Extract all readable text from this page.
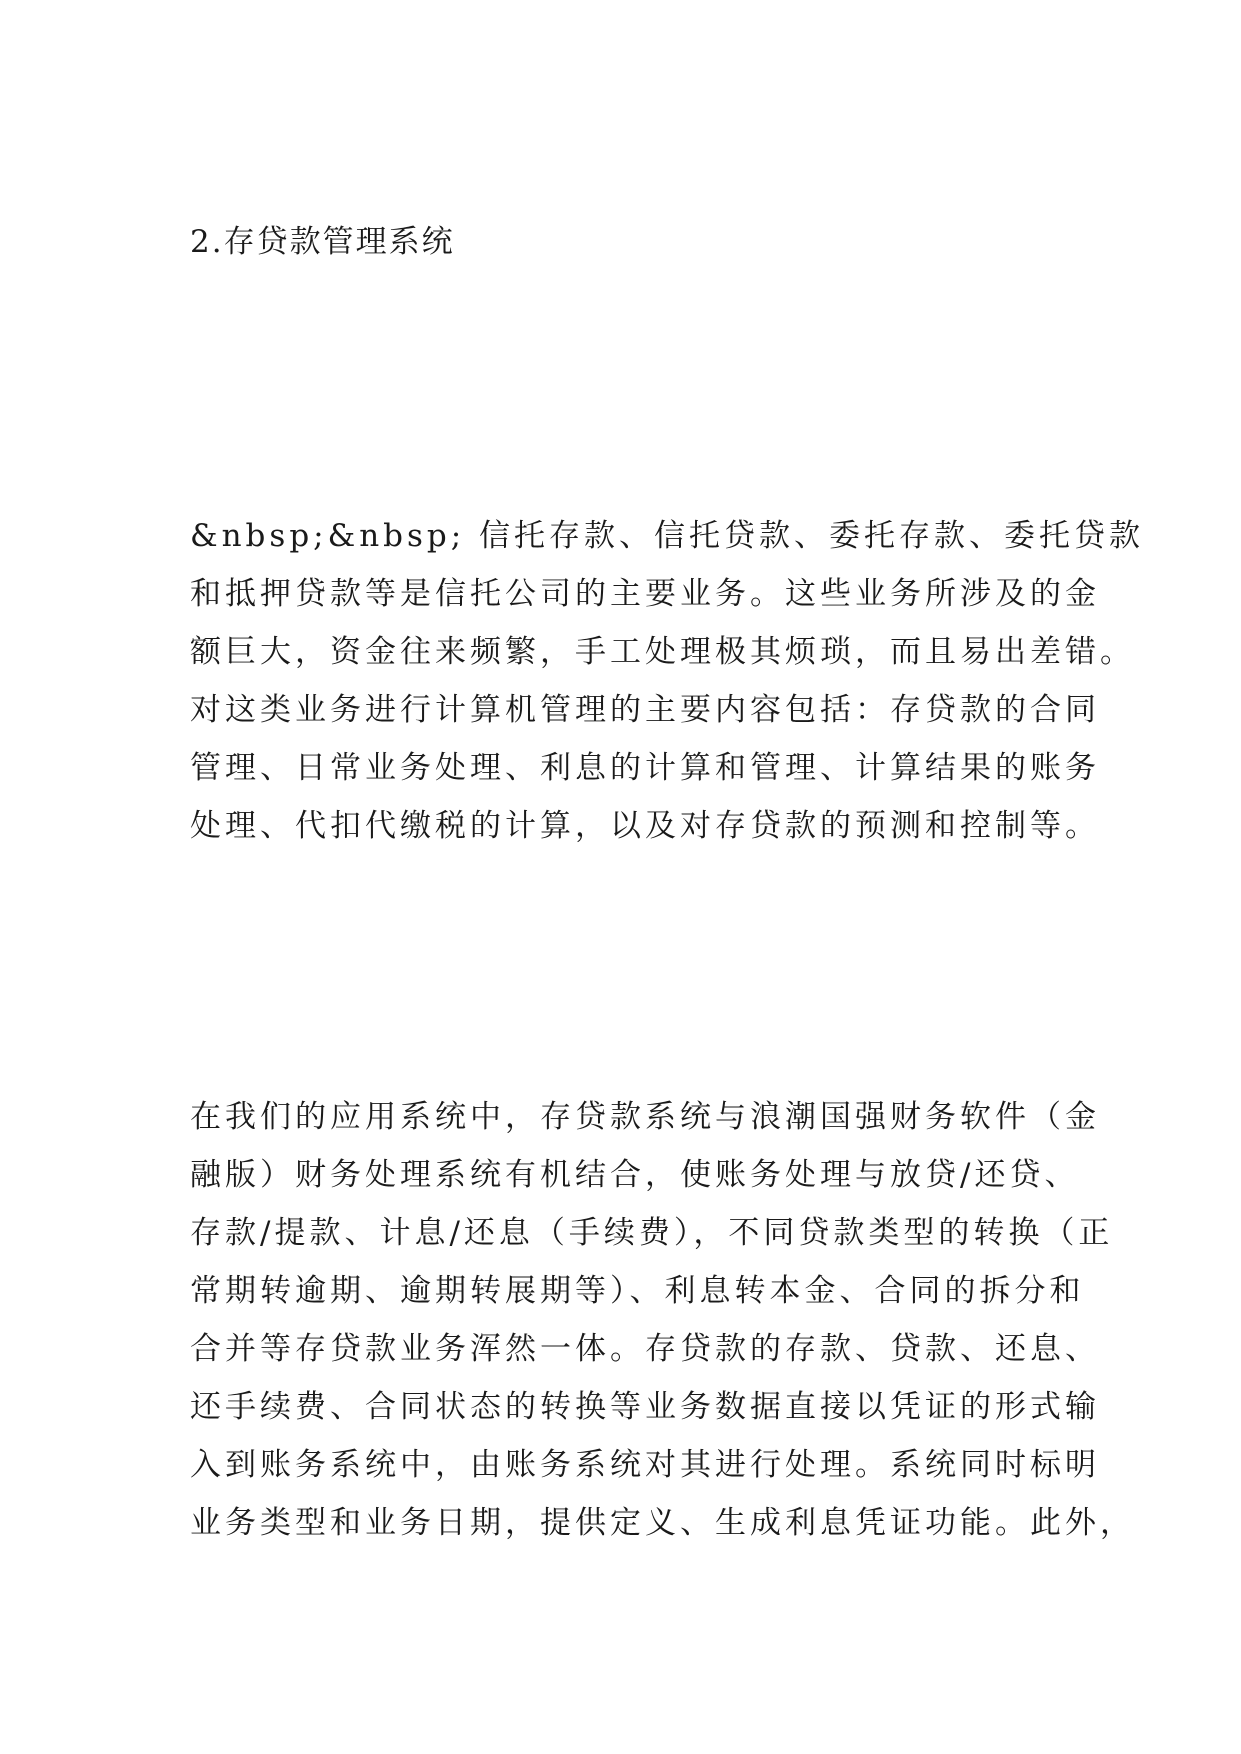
2.存贷款管理系统
&nbsp;&nbsp; 信托存款、信托贷款、委托存款、委托贷款
和抵押贷款等是信托公司的主要业务。这些业务所涉及的金
额巨大，资金往来频繁，手工处理极其烦琐，而且易出差错。
对这类业务进行计算机管理的主要内容包括：存贷款的合同
管理、日常业务处理、利息的计算和管理、计算结果的账务
处理、代扣代缴税的计算，以及对存贷款的预测和控制等。
在我们的应用系统中，存贷款系统与浪潮国强财务软件（金
融版）财务处理系统有机结合，使账务处理与放贷/还贷、
存款/提款、计息/还息（手续费），不同贷款类型的转换（正
常期转逾期、逾期转展期等）、利息转本金、合同的拆分和
合并等存贷款业务浑然一体。存贷款的存款、贷款、还息、
还手续费、合同状态的转换等业务数据直接以凭证的形式输
入到账务系统中，由账务系统对其进行处理。系统同时标明
业务类型和业务日期，提供定义、生成利息凭证功能。此外，
